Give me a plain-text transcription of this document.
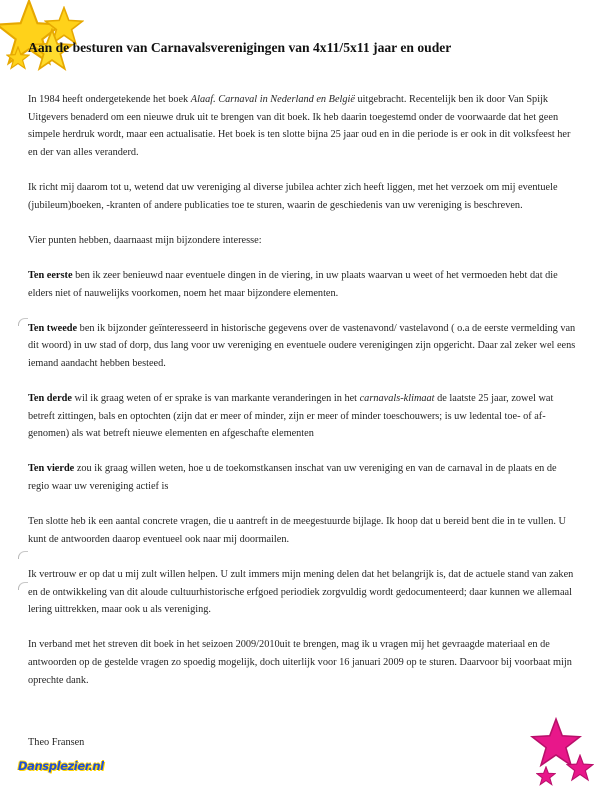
Aan de besturen van Carnavalsverenigingen van 4x11/5x11 jaar en ouder

In 1984 heeft ondergetekende het boek Alaaf. Carnaval in Nederland en België uitgebracht. Recentelijk ben ik door Van Spijk Uitgevers benaderd om een nieuwe druk uit te brengen van dit boek. Ik heb daarin toegestemd onder de voorwaarde dat het geen simpele herdruk wordt, maar een actualisatie. Het boek is ten slotte bijna 25 jaar oud en in die periode is er ook in dit volksfeest her en der van alles veranderd.

Ik richt mij daarom tot u, wetend dat uw vereniging al diverse jubilea achter zich heeft liggen, met het verzoek om mij eventuele (jubileum)boeken, -kranten of andere publicaties toe te sturen, waarin de geschiedenis van uw vereniging is beschreven.

Vier punten hebben, daarnaast mijn bijzondere interesse:

Ten eerste ben ik zeer benieuwd naar eventuele dingen in de viering, in uw plaats waarvan u weet of het vermoeden hebt dat die elders niet of nauwelijks voorkomen, noem het maar bijzondere elementen.

Ten tweede ben ik bijzonder geïnteresseerd in historische gegevens over de vastenavond/ vastelavond ( o.a de eerste vermelding van dit woord) in uw stad of dorp, dus lang voor uw vereniging en eventuele oudere verenigingen zijn opgericht. Daar zal zeker wel eens iemand aandacht hebben besteed.

Ten derde wil ik graag weten of er sprake is van markante veranderingen in het carnavals-klimaat de laatste 25 jaar, zowel wat betreft zittingen, bals en optochten (zijn dat er meer of minder, zijn er meer of minder toeschouwers; is uw ledental toe- of af-genomen) als wat betreft nieuwe elementen en afgeschafte elementen

Ten vierde zou ik graag willen weten, hoe u de toekomstkansen inschat van uw vereniging en van de carnaval in de plaats en de regio waar uw vereniging actief is

Ten slotte heb ik een aantal concrete vragen, die u aantreft in de meegestuurde bijlage. Ik hoop dat u bereid bent die in te vullen. U kunt de antwoorden daarop eventueel ook naar mij doormailen.

Ik vertrouw er op dat u mij zult willen helpen. U zult immers mijn mening delen dat het belangrijk is, dat de actuele stand van zaken en de ontwikkeling van dit aloude cultuurhistorische erfgoed periodiek zorgvuldig wordt gedocumenteerd; daar kunnen we allemaal lering uittrekken, maar ook u als vereniging.

In verband met het streven dit boek in het seizoen 2009/2010uit te brengen, mag ik u vragen mij het gevraagde materiaal en de antwoorden op de gestelde vragen zo spoedig mogelijk, doch uiterlijk voor 16 januari 2009 op te sturen. Daarvoor bij voorbaat mijn oprechte dank.

Theo Fransen
Dansplezier.nl
